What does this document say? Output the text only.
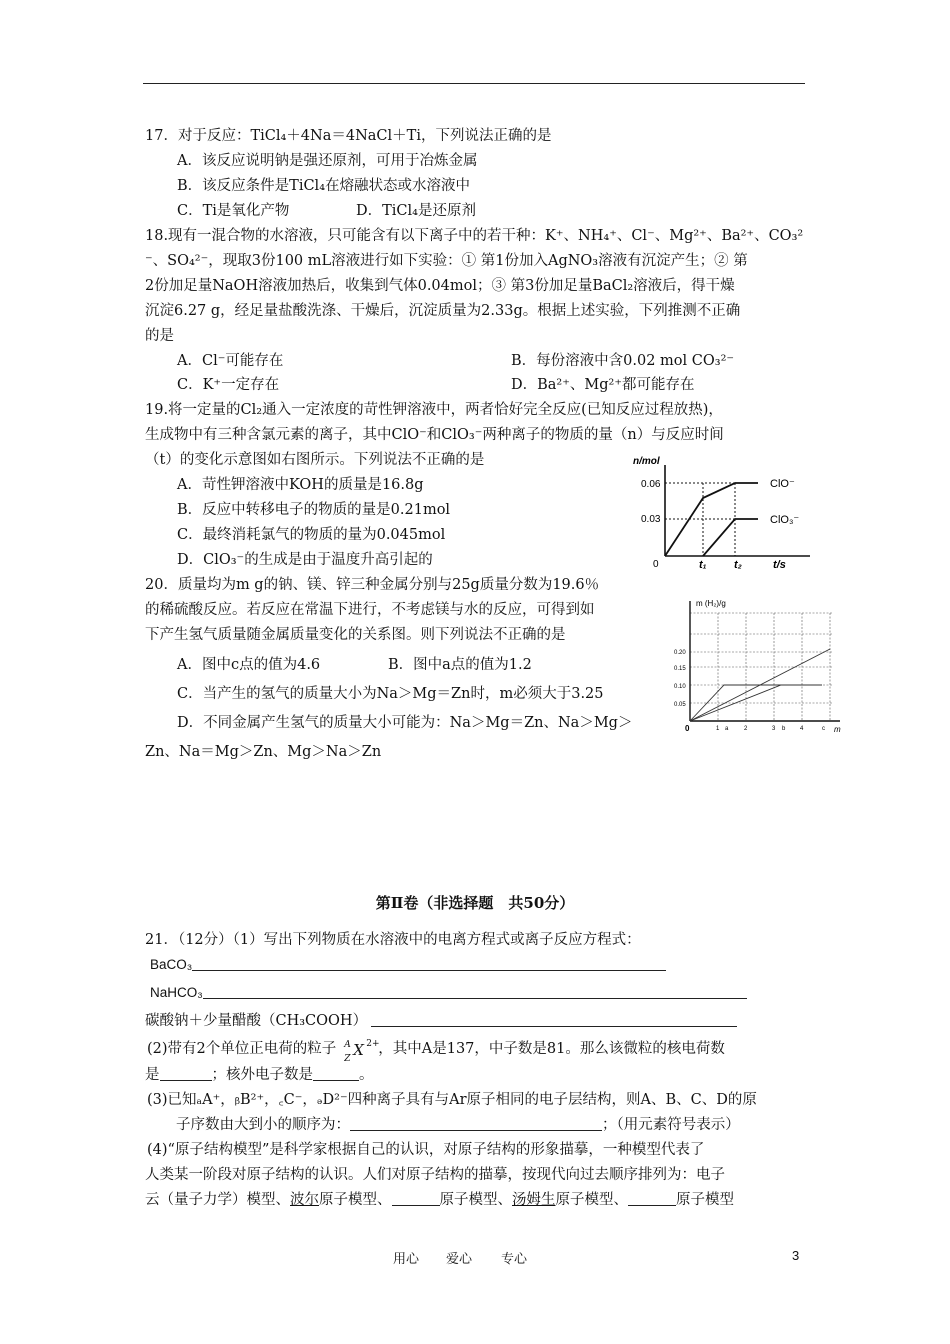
17．对于反应：TiCl₄＋4Na＝4NaCl＋Ti，下列说法正确的是
A．该反应说明钠是强还原剂，可用于冶炼金属
B．该反应条件是TiCl₄在熔融状态或水溶液中
C．Ti是氧化产物	D．TiCl₄是还原剂
18.现有一混合物的水溶液，只可能含有以下离子中的若干种：K⁺、NH₄⁺、Cl⁻、Mg²⁺、Ba²⁺、CO₃²
⁻、SO₄²⁻，现取3份100 mL溶液进行如下实验：① 第1份加入AgNO₃溶液有沉淀产生；② 第
2份加足量NaOH溶液加热后，收集到气体0.04mol；③ 第3份加足量BaCl₂溶液后，得干燥
沉淀6.27 g，经足量盐酸洗涤、干燥后，沉淀质量为2.33g。根据上述实验，下列推测不正确
的是
A．Cl⁻可能存在	B．每份溶液中含0.02 mol CO₃²⁻
C．K⁺一定存在	D．Ba²⁺、Mg²⁺都可能存在
19.将一定量的Cl₂通入一定浓度的苛性钾溶液中，两者恰好完全反应(已知反应过程放热)，
生成物中有三种含氯元素的离子，其中ClO⁻和ClO₃⁻两种离子的物质的量（n）与反应时间
（t）的变化示意图如右图所示。下列说法不正确的是
A．苛性钾溶液中KOH的质量是16.8g
B．反应中转移电子的物质的量是0.21mol
C．最终消耗氯气的物质的量为0.045mol
D．ClO₃⁻的生成是由于温度升高引起的
n/mol
0.06
0.03
0	t₁ t₂	t/s
ClO⁻
ClO₃⁻
20．质量均为m g的钠、镁、锌三种金属分别与25g质量分数为19.6％
的稀硫酸反应。若反应在常温下进行，不考虑镁与水的反应，可得到如
下产生氢气质量随金属质量变化的关系图。则下列说法不正确的是
A．图中c点的值为4.6	B．图中a点的值为1.2
C．当产生的氢气的质量大小为Na＞Mg＝Zn时，m必须大于3.25
D．不同金属产生氢气的质量大小可能为：Na＞Mg＝Zn、Na＞Mg＞
Zn、Na＝Mg＞Zn、Mg＞Na＞Zn
m (H₂)/g
0.20
0.15
0.10
0.05
0	1 a	2	3 b 4	c m
第Ⅱ卷（非选择题　共50分）
21．（12分）（1）写出下列物质在水溶液中的电离方程式或离子反应方程式：
BaCO₃
NaHCO₃
碳酸钠＋少量醋酸（CH₃COOH）
(2)带有2个单位正电荷的粒子 A
Z X 2+
，其中A是137，中子数是81。那么该微粒的核电荷数
是	；核外电子数是	。
(3)已知ₐA⁺，ᵦB²⁺，꜀C⁻，ₔD²⁻四种离子具有与Ar原子相同的电子层结构，则A、B、C、D的原
子序数由大到小的顺序为：	；（用元素符号表示）
(4)“原子结构模型”是科学家根据自己的认识，对原子结构的形象描摹，一种模型代表了
人类某一阶段对原子结构的认识。人们对原子结构的描摹，按现代向过去顺序排列为：电子
云（量子力学）模型、波尔原子模型、	原子模型、汤姆生原子模型、	原子模型
用心 爱心 专心	3
